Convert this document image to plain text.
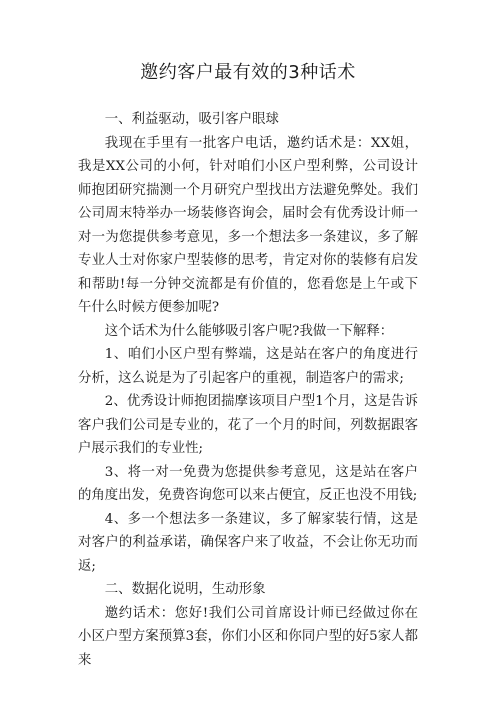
邀约客户最有效的3种话术

一、利益驱动，吸引客户眼球

我现在手里有一批客户电话，邀约话术是：XX姐，我是XX公司的小何，针对咱们小区户型利弊，公司设计师抱团研究揣测一个月研究户型找出方法避免弊处。我们公司周末特举办一场装修咨询会，届时会有优秀设计师一对一为您提供参考意见，多一个想法多一条建议，多了解专业人士对你家户型装修的思考，肯定对你的装修有启发和帮助!每一分钟交流都是有价值的，您看您是上午或下午什么时候方便参加呢?

这个话术为什么能够吸引客户呢?我做一下解释：

1、咱们小区户型有弊端，这是站在客户的角度进行分析，这么说是为了引起客户的重视，制造客户的需求;

2、优秀设计师抱团揣摩该项目户型1个月，这是告诉客户我们公司是专业的，花了一个月的时间，列数据跟客户展示我们的专业性;

3、将一对一免费为您提供参考意见，这是站在客户的角度出发，免费咨询您可以来占便宜，反正也没不用钱;

4、多一个想法多一条建议，多了解家装行情，这是对客户的利益承诺，确保客户来了收益，不会让你无功而返;

二、数据化说明，生动形象

邀约话术：您好!我们公司首席设计师已经做过你在小区户型方案预算3套，你们小区和你同户型的好5家人都来
